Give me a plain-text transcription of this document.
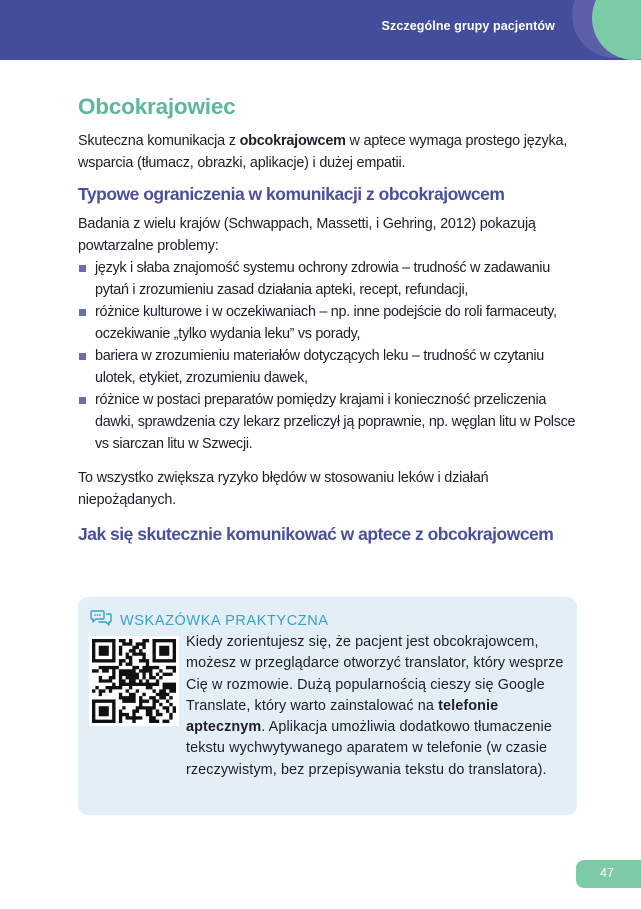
Szczególne grupy pacjentów
Obcokrajowiec

Skuteczna komunikacja z obcokrajowcem w aptece wymaga prostego języka, wsparcia (tłumacz, obrazki, aplikacje) i dużej empatii.

Typowe ograniczenia w komunikacji z obcokrajowcem

Badania z wielu krajów (Schwappach, Massetti, i Gehring, 2012) pokazują powtarzalne problemy:

język i słaba znajomość systemu ochrony zdrowia – trudność w zadawaniu pytań i zrozumieniu zasad działania apteki, recept, refundacji,
różnice kulturowe i w oczekiwaniach – np. inne podejście do roli farmaceuty, oczekiwanie „tylko wydania leku” vs porady,
bariera w zrozumieniu materiałów dotyczących leku – trudność w czytaniu ulotek, etykiet, zrozumieniu dawek,
różnice w postaci preparatów pomiędzy krajami i konieczność przeliczenia dawki, sprawdzenia czy lekarz przeliczył ją poprawnie, np. węglan litu w Polsce vs siarczan litu w Szwecji.

To wszystko zwiększa ryzyko błędów w stosowaniu leków i działań niepożądanych.

Jak się skutecznie komunikować w aptece z obcokrajowcem
WSKAZÓWKA PRAKTYCZNA
Kiedy zorientujesz się, że pacjent jest obcokrajowcem, możesz w przeglądarce otworzyć translator, który wesprze Cię w rozmowie. Dużą popularnością cieszy się Google Translate, który warto zainstalować na telefonie aptecznym. Aplikacja umożliwia dodatkowo tłumaczenie tekstu wychwytywanego aparatem w telefonie (w czasie rzeczywistym, bez przepisywania tekstu do translatora).
47
